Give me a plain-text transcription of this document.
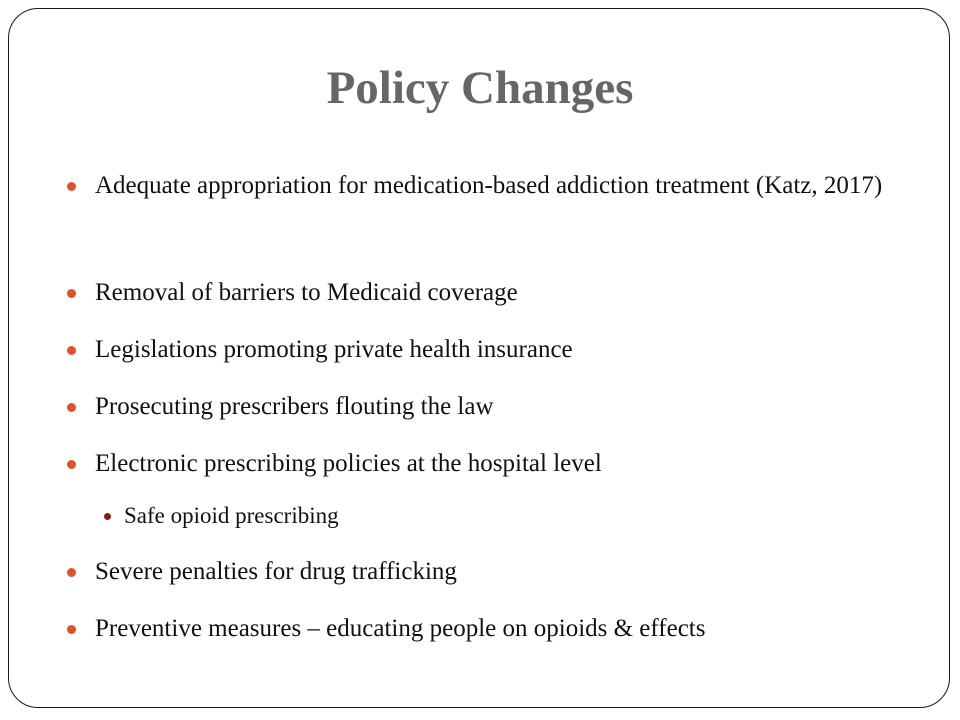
Policy Changes
Adequate appropriation for medication-based addiction treatment (Katz, 2017)
Removal of barriers to Medicaid coverage
Legislations promoting private health insurance
Prosecuting prescribers flouting the law
Electronic prescribing policies at the hospital level
Safe opioid prescribing
Severe penalties for drug trafficking
Preventive measures – educating people on opioids & effects
